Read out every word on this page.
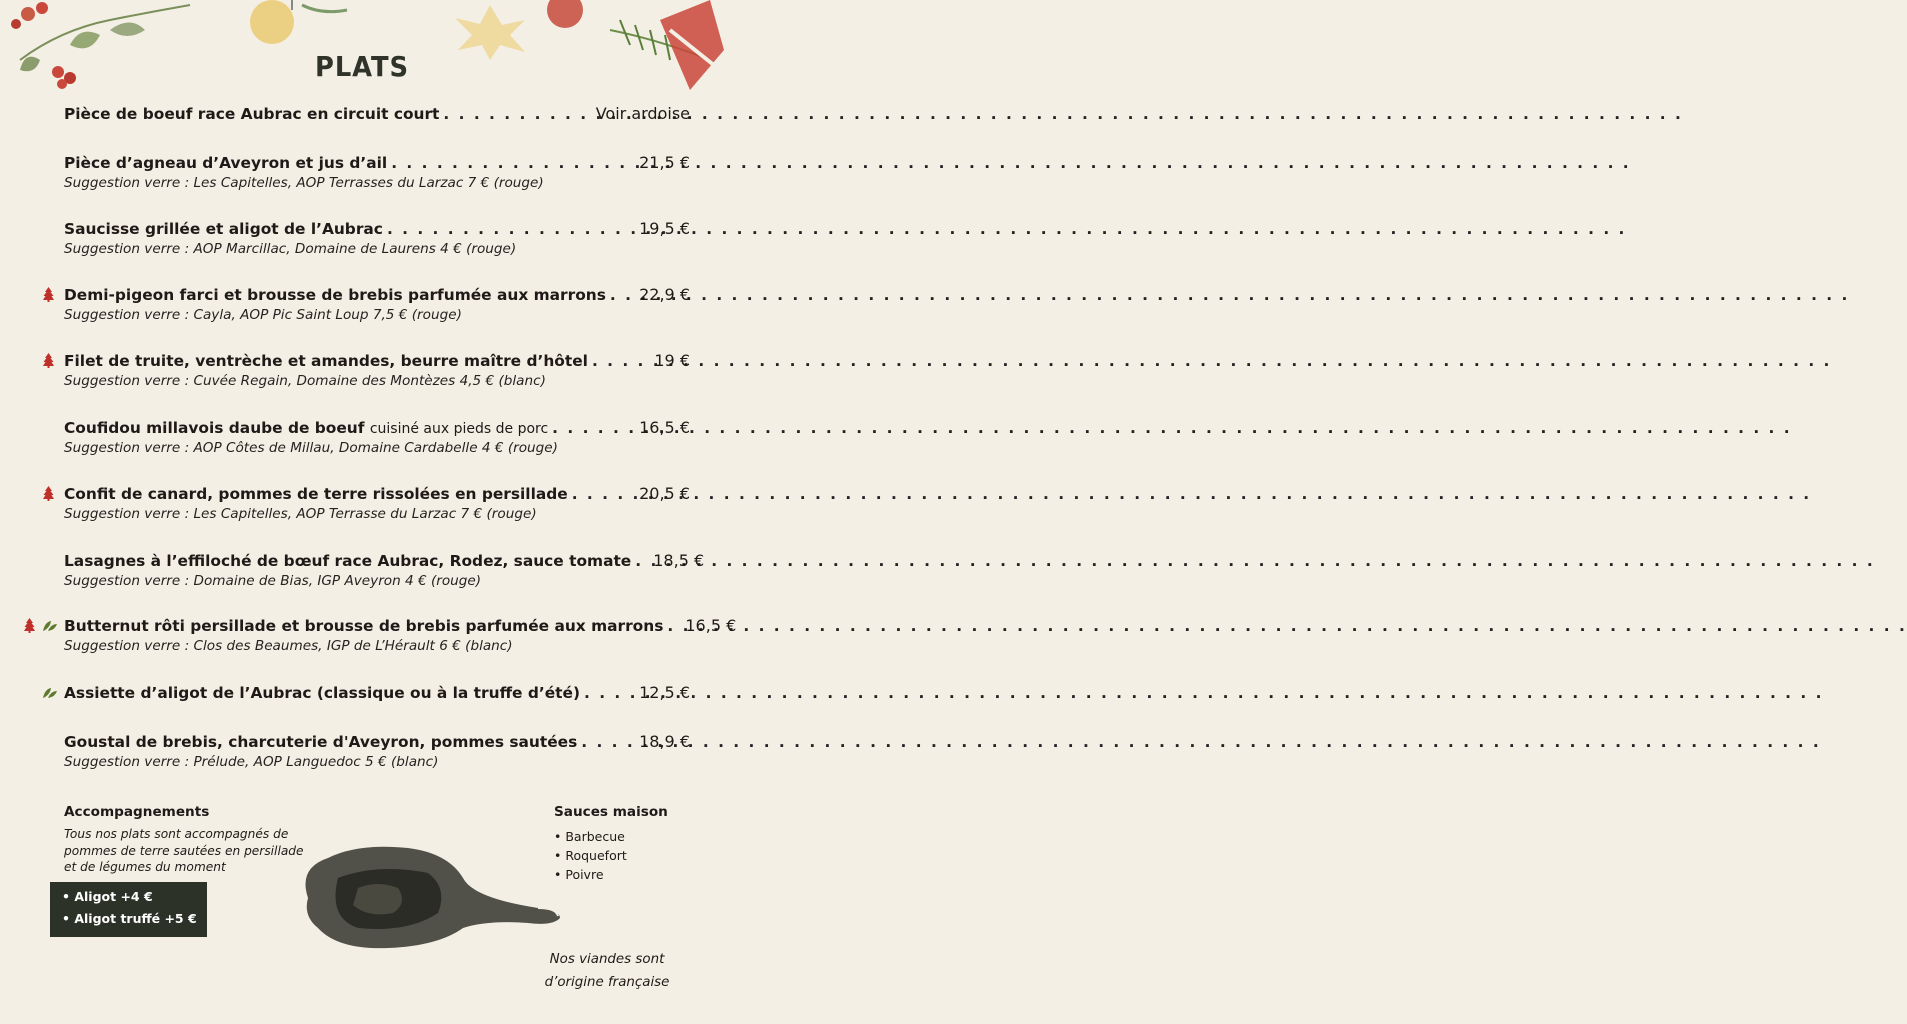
PLATS
Pièce de boeuf race Aubrac en circuit court . . .	Voir ardoise
Pièce d’agneau d’Aveyron et jus d’ail . . .	21,5 €
Suggestion verre : Les Capitelles, AOP Terrasses du Larzac 7 € (rouge)
Saucisse grillée et aligot de l’Aubrac . . .	19,5 €
Suggestion verre : AOP Marcillac, Domaine de Laurens 4 € (rouge)
Demi-pigeon farci et brousse de brebis parfumée aux marrons . . . 22,9 €
Suggestion verre : Cayla, AOP Pic Saint Loup 7,5 € (rouge)
Filet de truite, ventrèche et amandes, beurre maître d’hôtel . . .	19 €
Suggestion verre : Cuvée Regain, Domaine des Montèzes 4,5 € (blanc)
Coufidou millavois daube de boeuf cuisiné aux pieds de porc . . .	16,5 €
Suggestion verre : AOP Côtes de Millau, Domaine Cardabelle 4 € (rouge)
Confit de canard, pommes de terre rissolées en persillade . . .	20,5 €
Suggestion verre : Les Capitelles, AOP Terrasse du Larzac 7 € (rouge)
Lasagnes à l’effiloché de bœuf race Aubrac, Rodez, sauce tomate . . . 18,5 €
Suggestion verre : Domaine de Bias, IGP Aveyron 4 € (rouge)
Butternut rôti persillade et brousse de brebis parfumée aux marrons . . . 16,5 €
Suggestion verre : Clos des Beaumes, IGP de L’Hérault 6 € (blanc)
Assiette d’aligot de l’Aubrac (classique ou à la truffe d’été) . . .	12,5 €
Goustal de brebis, charcuterie d'Aveyron, pommes sautées . . .	18,9 €
Suggestion verre : Prélude, AOP Languedoc 5 € (blanc)
Accompagnements
Tous nos plats sont accompagnés de pommes de terre sautées en persillade et de légumes du moment
• Aligot +4 €
• Aligot truffé +5 €
Sauces maison
• Barbecue
• Roquefort
• Poivre
Nos viandes sont
d’origine française
